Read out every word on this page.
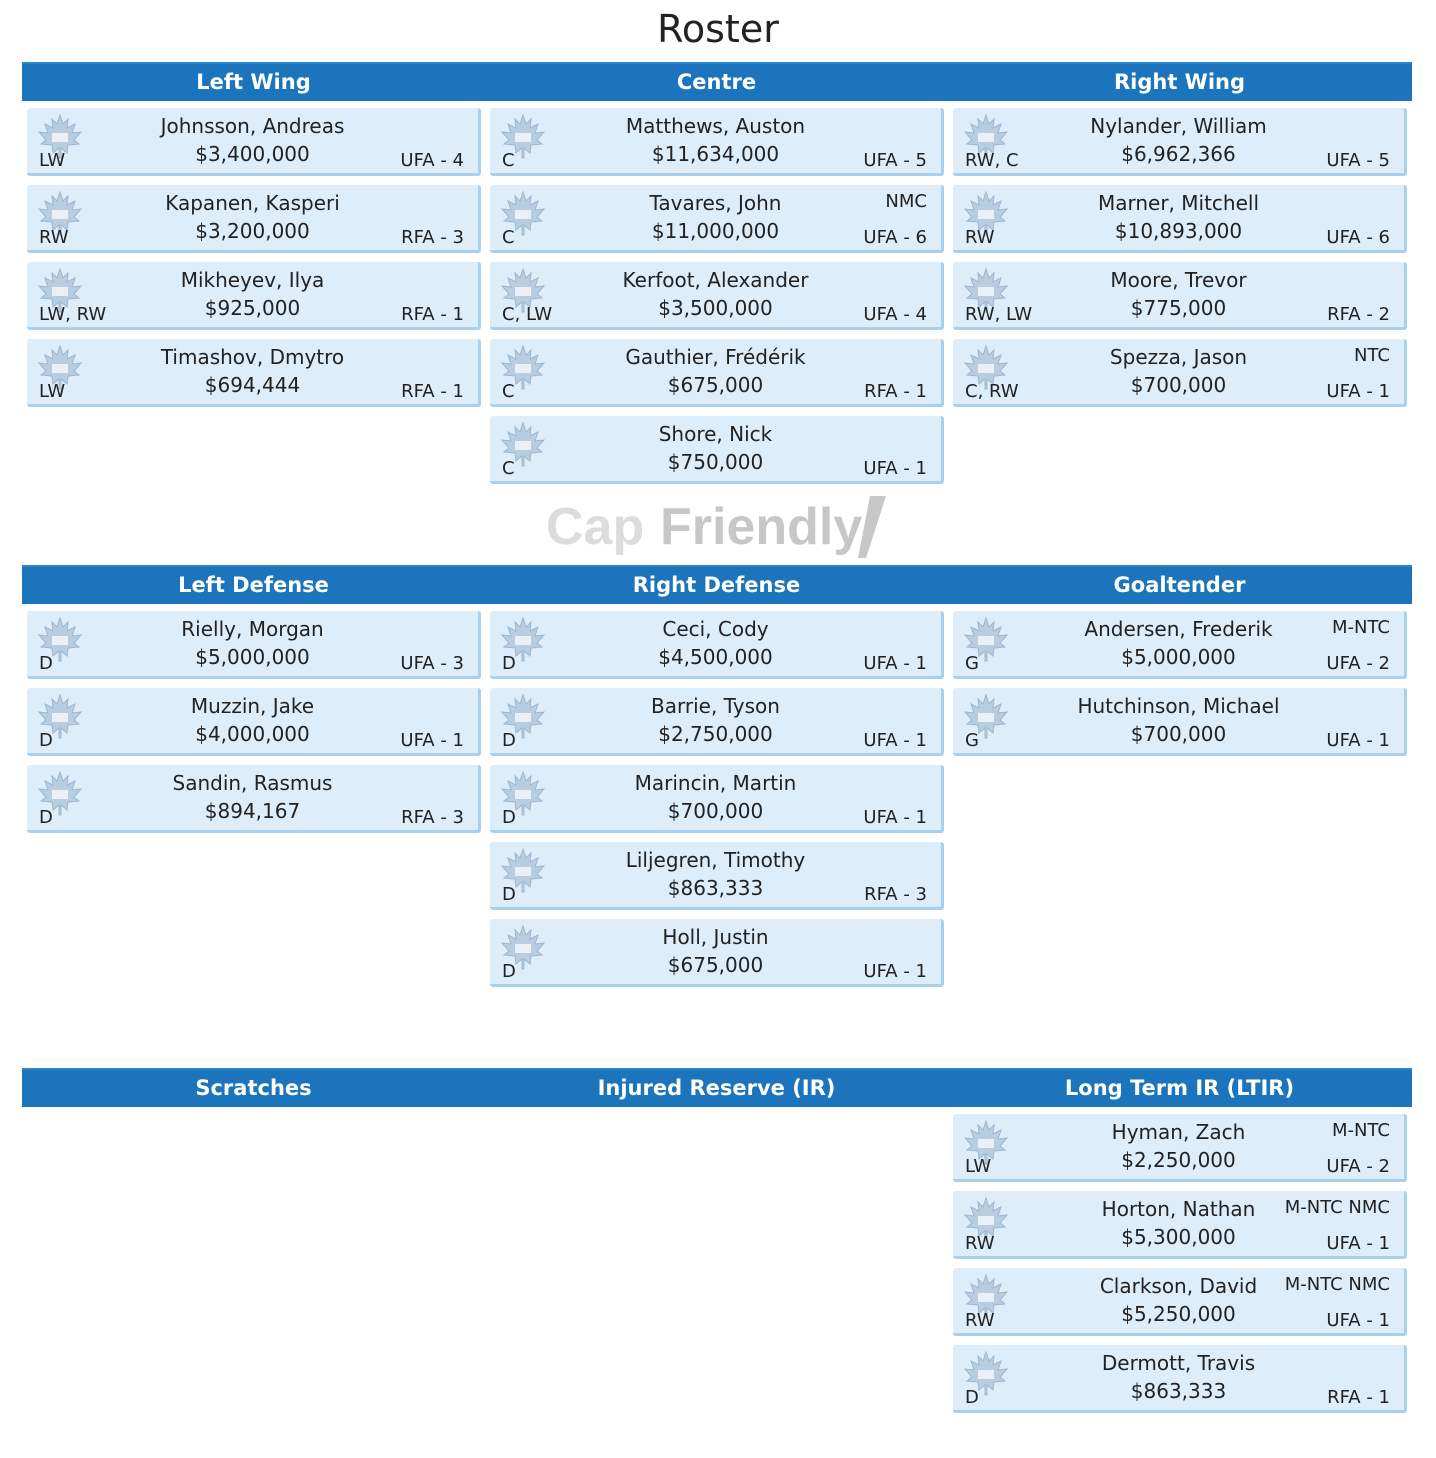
Roster
Left Wing	Centre	Right Wing
Cap Friendly
Left Defense	Right Defense	Goaltender
Scratches	Injured Reserve (IR)	Long Term IR (LTIR)
Johnsson, Andreas
$3,400,000
LW	UFA - 4
Kapanen, Kasperi
$3,200,000
RW	RFA - 3
Mikheyev, Ilya
$925,000
LW, RW	RFA - 1
Timashov, Dmytro
$694,444
LW	RFA - 1
Matthews, Auston
$11,634,000
C	UFA - 5
Tavares, John
$11,000,000
C	UFA - 6
NMC
Kerfoot, Alexander
$3,500,000
C, LW	UFA - 4
Gauthier, Frédérik
$675,000
C	RFA - 1
Shore, Nick
$750,000
C	UFA - 1
Nylander, William
$6,962,366
RW, C	UFA - 5
Marner, Mitchell
$10,893,000
RW	UFA - 6
Moore, Trevor
$775,000
RW, LW	RFA - 2
Spezza, Jason
$700,000
C, RW	UFA - 1
NTC
Rielly, Morgan
$5,000,000
D	UFA - 3
Muzzin, Jake
$4,000,000
D	UFA - 1
Sandin, Rasmus
$894,167
D	RFA - 3
Ceci, Cody
$4,500,000
D	UFA - 1
Barrie, Tyson
$2,750,000
D	UFA - 1
Marincin, Martin
$700,000
D	UFA - 1
Liljegren, Timothy
$863,333
D	RFA - 3
Holl, Justin
$675,000
D	UFA - 1
Andersen, Frederik
$5,000,000
G	UFA - 2
M-NTC
Hutchinson, Michael
$700,000
G	UFA - 1
Hyman, Zach
$2,250,000
LW	UFA - 2
M-NTC
Horton, Nathan
$5,300,000
RW	UFA - 1
M-NTC NMC
Clarkson, David
$5,250,000
RW	UFA - 1
M-NTC NMC
Dermott, Travis
$863,333
D	RFA - 1
